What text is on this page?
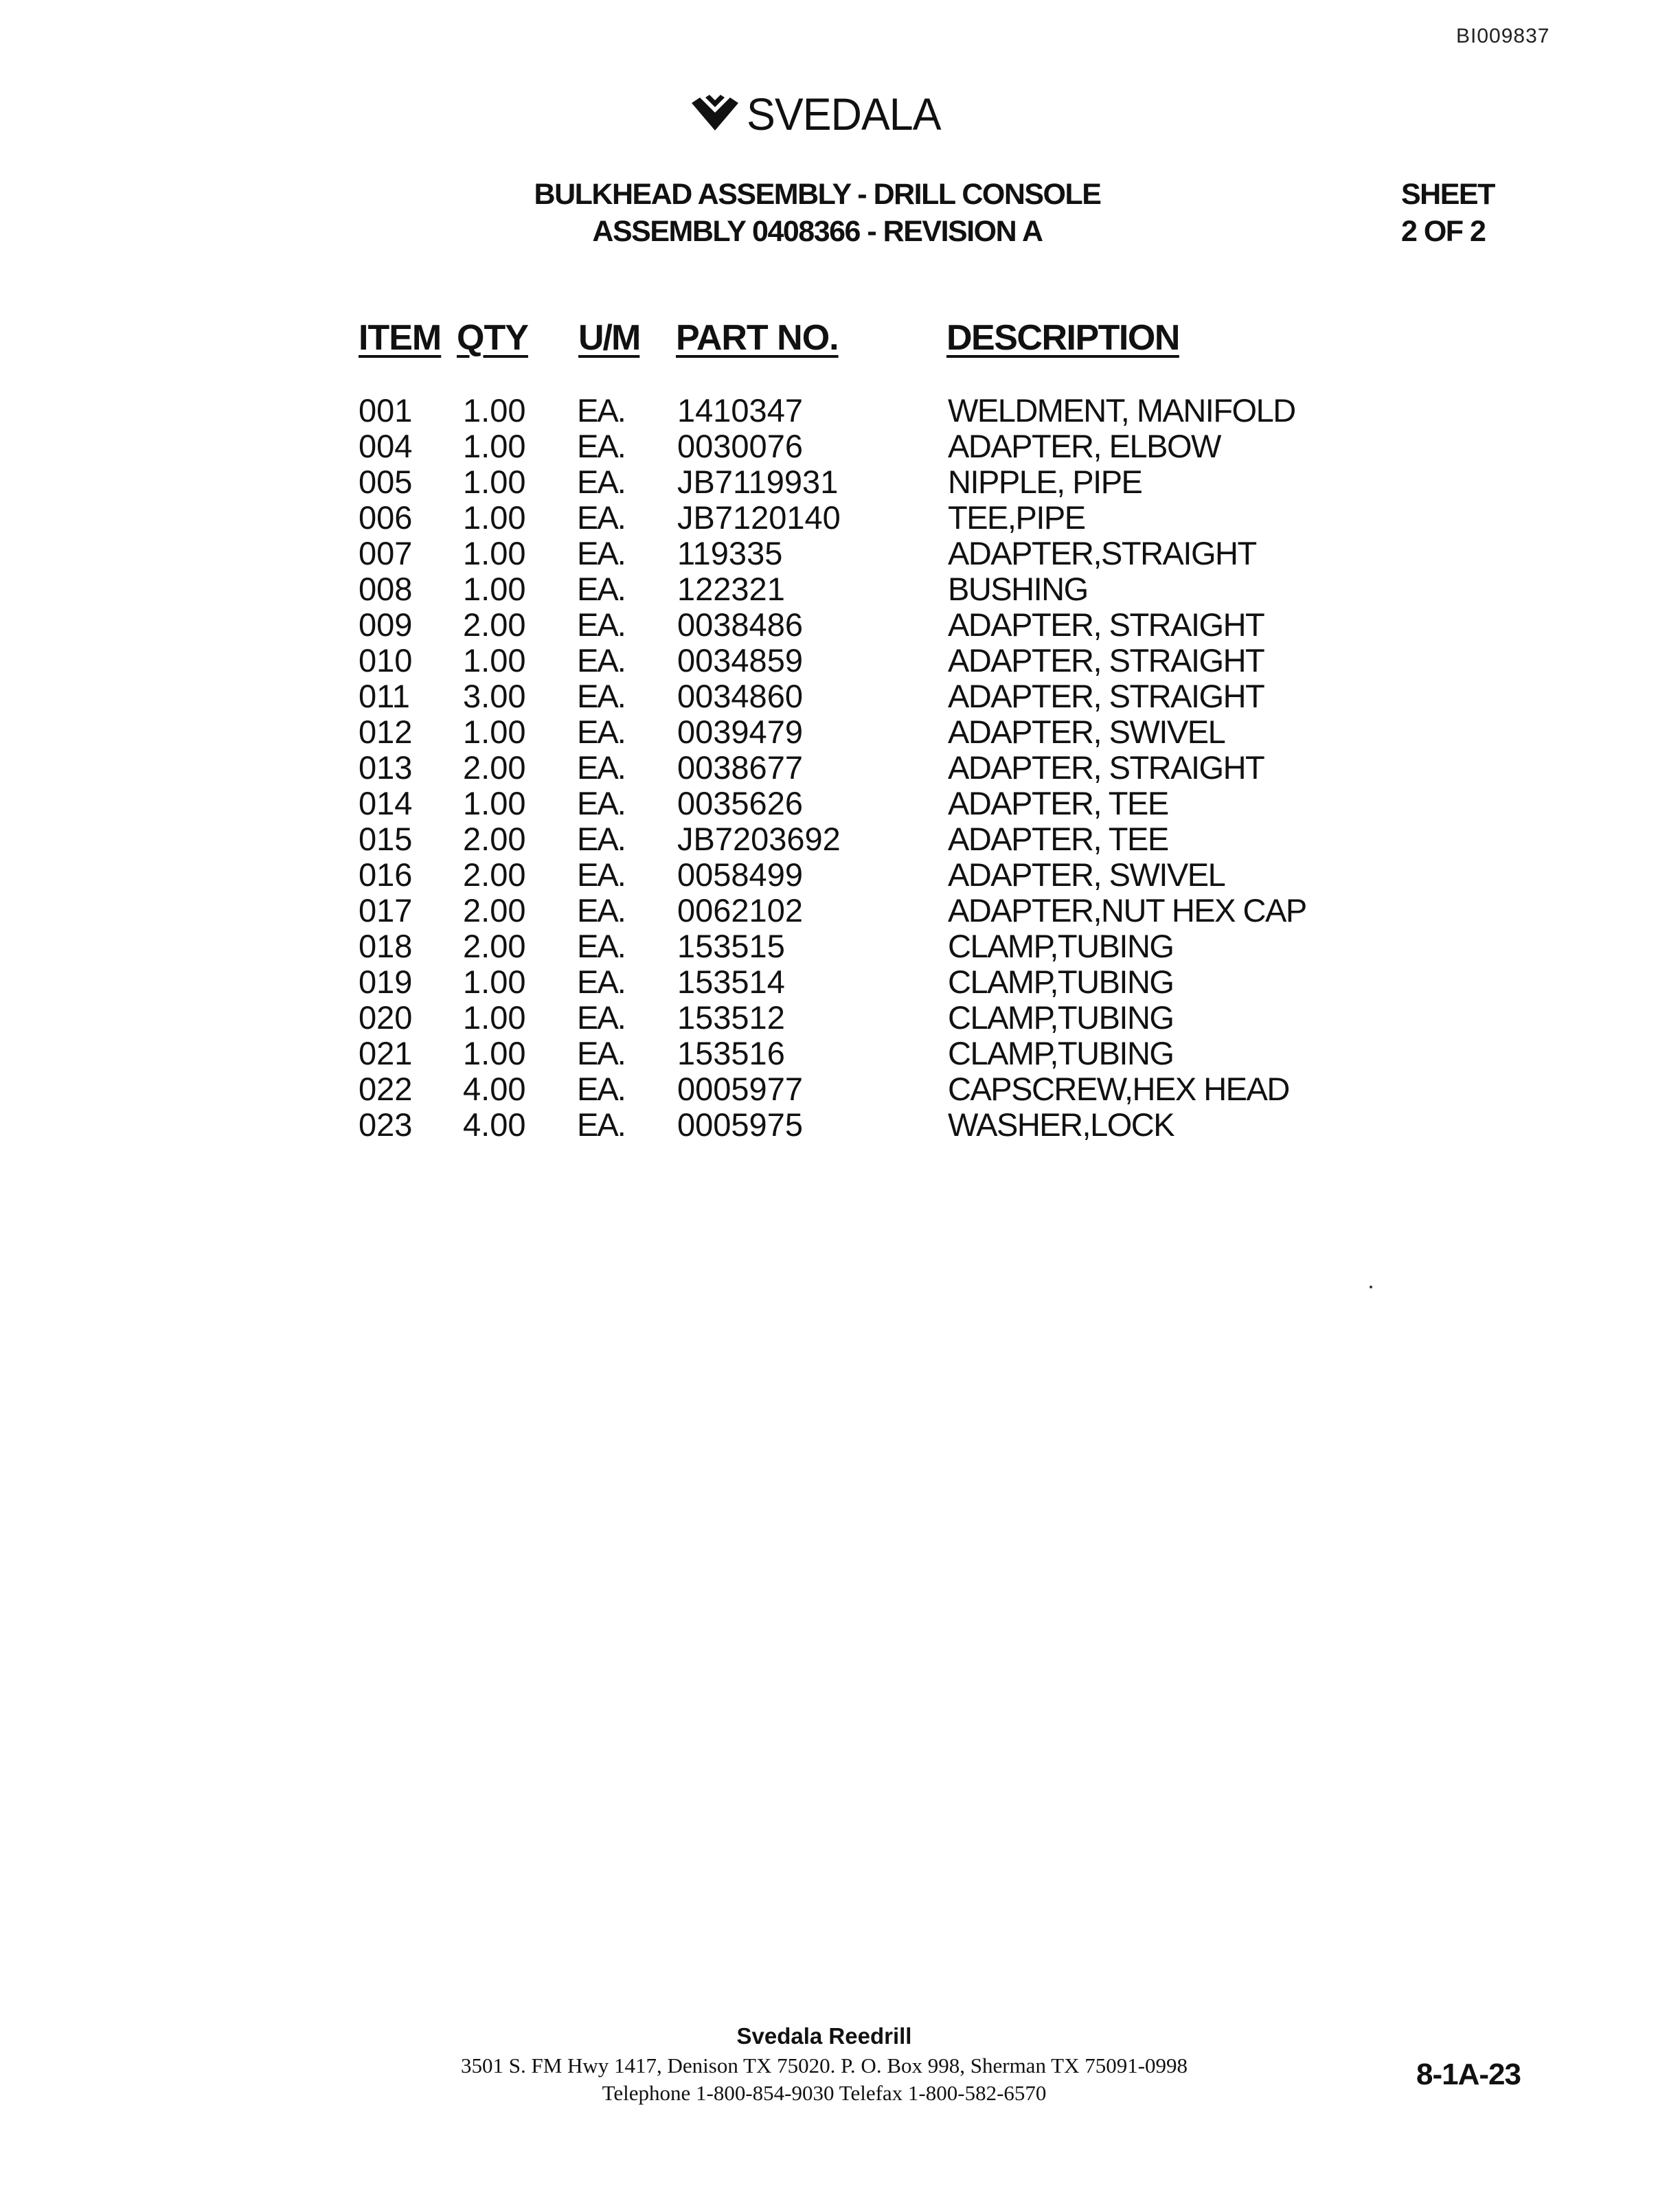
BI009837
SVEDALA
BULKHEAD ASSEMBLY - DRILL CONSOLE
ASSEMBLY 0408366 - REVISION A
SHEET
2 OF 2
ITEM QTY U/M PART NO.	DESCRIPTION
001 1.00 EA. 1410347	WELDMENT, MANIFOLD
004 1.00 EA. 0030076	ADAPTER, ELBOW
005 1.00 EA. JB7119931	NIPPLE, PIPE
006 1.00 EA. JB7120140	TEE,PIPE
007 1.00 EA. 119335	ADAPTER,STRAIGHT
008 1.00 EA. 122321	BUSHING
009 2.00 EA. 0038486	ADAPTER, STRAIGHT
010 1.00 EA. 0034859	ADAPTER, STRAIGHT
011 3.00 EA. 0034860	ADAPTER, STRAIGHT
012 1.00 EA. 0039479	ADAPTER, SWIVEL
013 2.00 EA. 0038677	ADAPTER, STRAIGHT
014 1.00 EA. 0035626	ADAPTER, TEE
015 2.00 EA. JB7203692	ADAPTER, TEE
016 2.00 EA. 0058499	ADAPTER, SWIVEL
017 2.00 EA. 0062102	ADAPTER,NUT HEX CAP
018 2.00 EA. 153515	CLAMP,TUBING
019 1.00 EA. 153514	CLAMP,TUBING
020 1.00 EA. 153512	CLAMP,TUBING
021 1.00 EA. 153516	CLAMP,TUBING
022 4.00 EA. 0005977	CAPSCREW,HEX HEAD
023 4.00 EA. 0005975	WASHER,LOCK
Svedala Reedrill
3501 S. FM Hwy 1417, Denison TX 75020. P. O. Box 998, Sherman TX 75091-0998
Telephone 1-800-854-9030 Telefax 1-800-582-6570
8-1A-23
